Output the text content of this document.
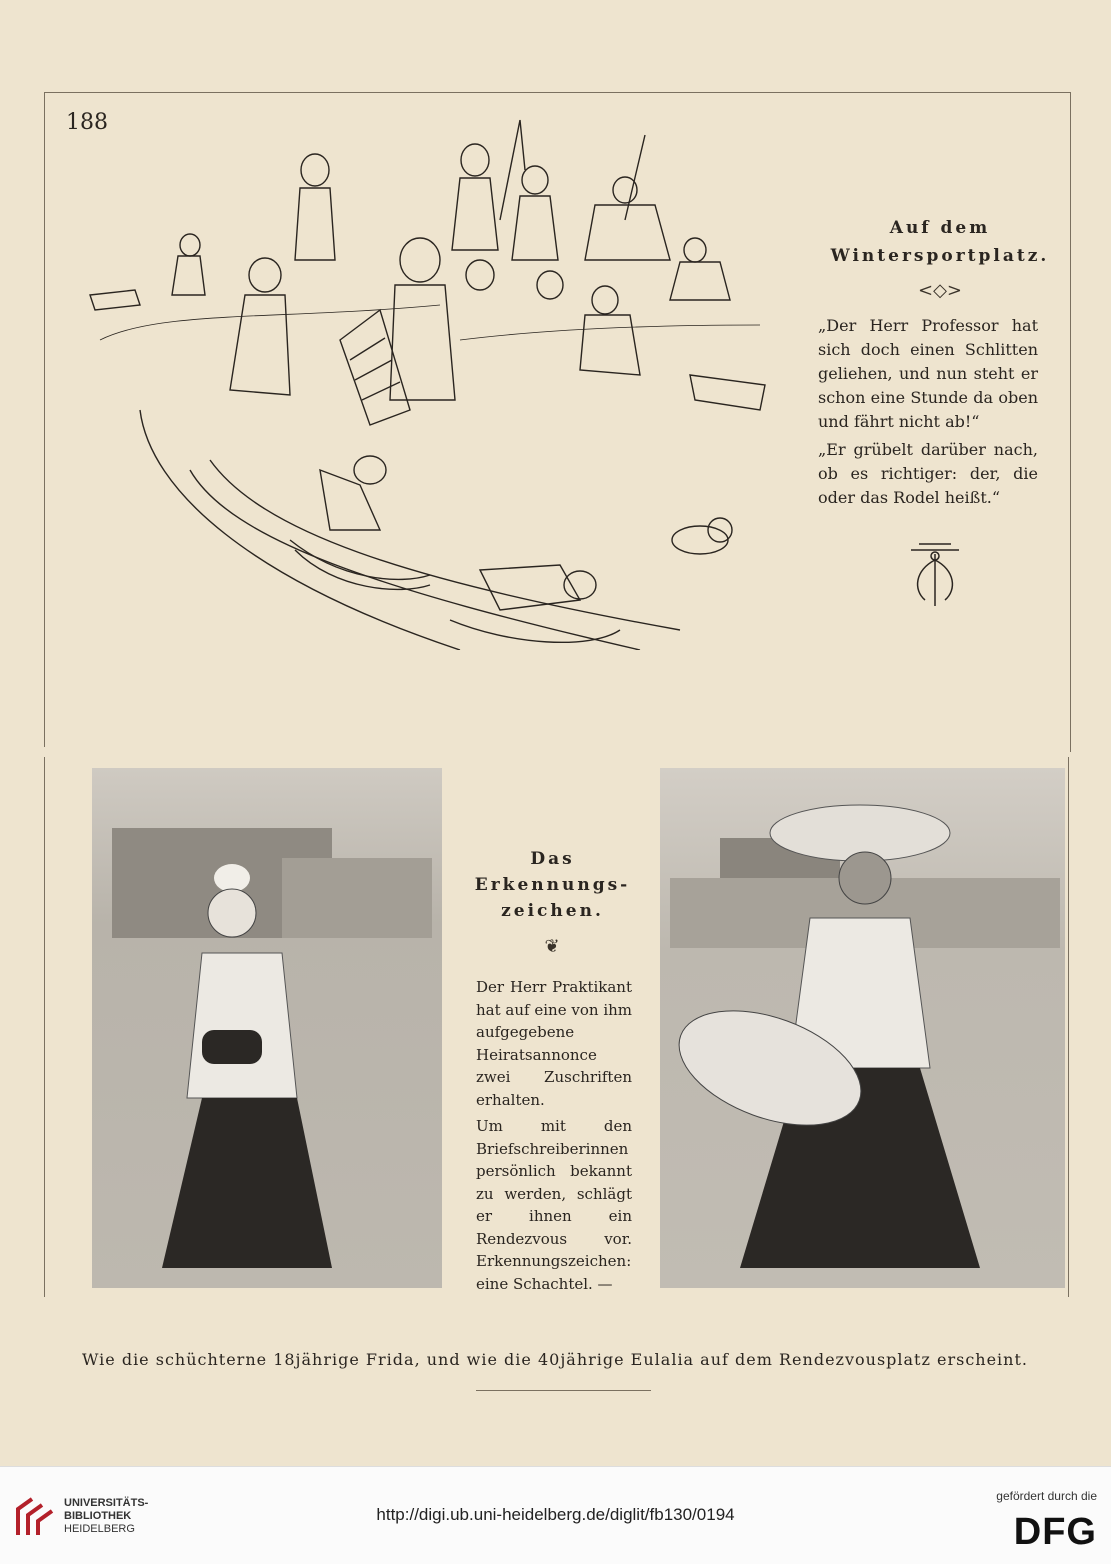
188
Auf dem
Wintersportplatz.
<◇>

„Der Herr Professor hat sich doch einen Schlitten geliehen, und nun steht er schon eine Stunde da oben und fährt nicht ab!“

„Er grübelt darüber nach, ob es richtiger: der, die oder das Rodel heißt.“

Das
Erkennungs-
zeichen.
❦

Der Herr Praktikant hat auf eine von ihm aufgegebene Heiratsannonce zwei Zuschriften erhalten.

Um mit den Briefschreiberinnen persönlich bekannt zu werden, schlägt er ihnen ein Rendezvous vor. Erkennungszeichen: eine Schachtel. —

Wie die schüchterne 18jährige Frida, und wie die 40jährige Eulalia auf dem Rendezvousplatz erscheint.
UNIVERSITÄTS-
BIBLIOTHEK
HEIDELBERG
http://digi.ub.uni-heidelberg.de/diglit/fb130/0194
gefördert durch die
DFG
